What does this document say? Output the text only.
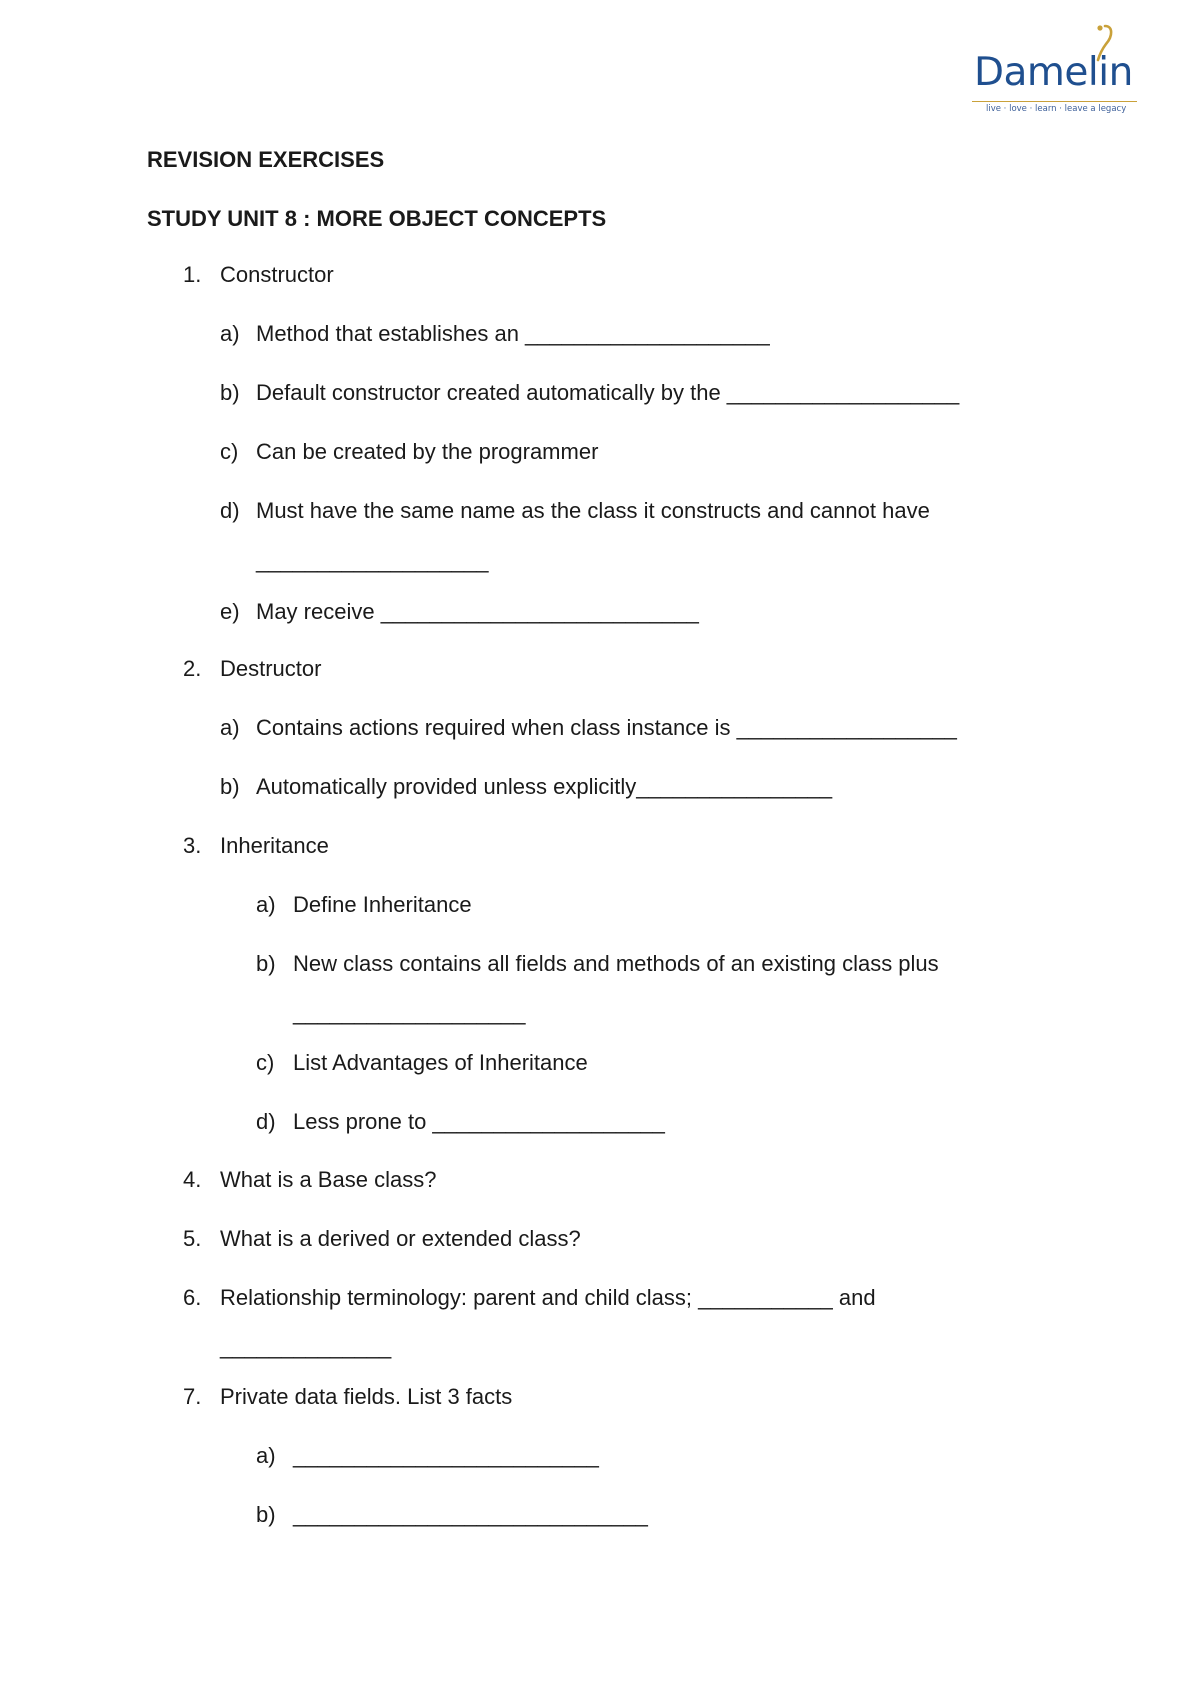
Damelin
live · love · learn · leave a legacy
REVISION EXERCISES
STUDY UNIT 8 : MORE OBJECT CONCEPTS
1. Constructor
a) Method that establishes an ____________________
b) Default constructor created automatically by the ___________________
c) Can be created by the programmer
d) Must have the same name as the class it constructs and cannot have
___________________
e) May receive __________________________
2. Destructor
a) Contains actions required when class instance is __________________
b) Automatically provided unless explicitly________________
3. Inheritance
a) Define Inheritance
b) New class contains all fields and methods of an existing class plus
___________________
c) List Advantages of Inheritance
d) Less prone to ___________________
4. What is a Base class?
5. What is a derived or extended class?
6. Relationship terminology: parent and child class; ___________ and
______________
7. Private data fields. List 3 facts
a) _________________________
b) _____________________________
